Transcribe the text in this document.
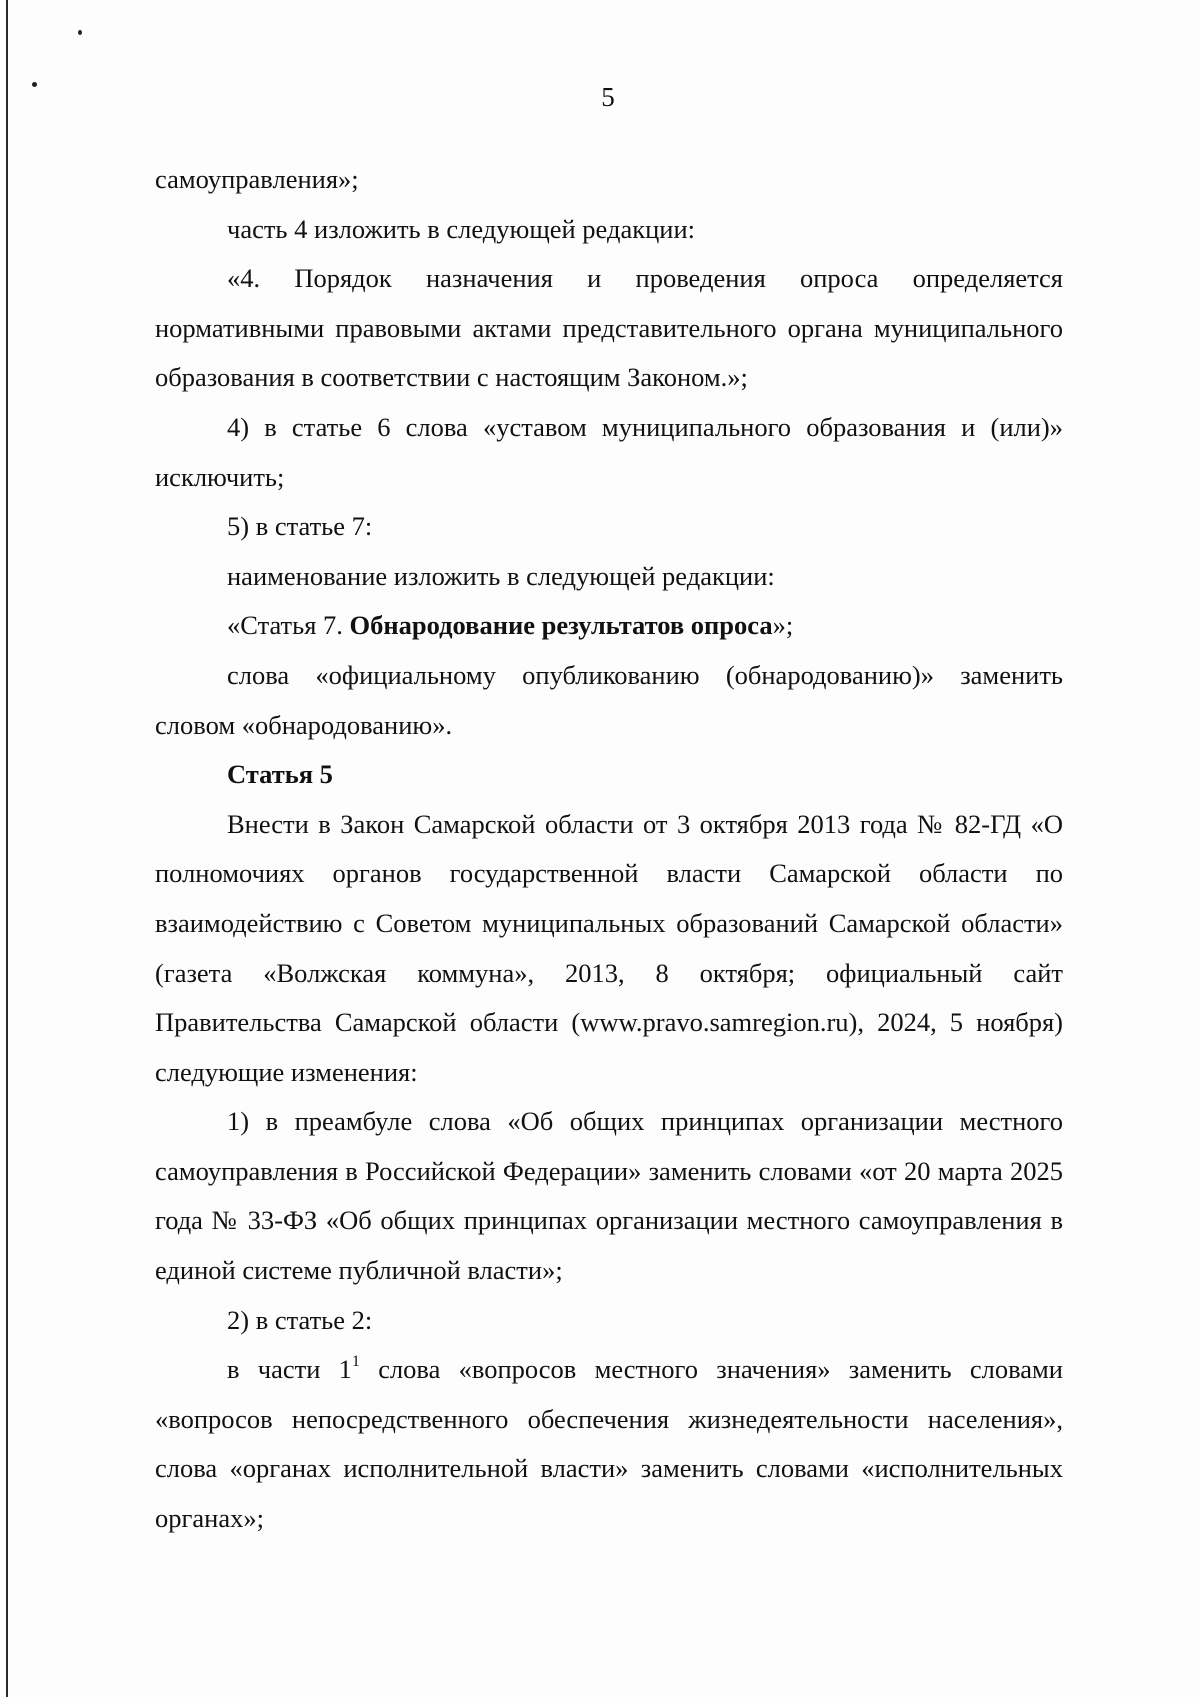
5

самоуправления»;

часть 4 изложить в следующей редакции:

«4. Порядок назначения и проведения опроса определяется нормативными правовыми актами представительного органа муниципального образования в соответствии с настоящим Законом.»;

4) в статье 6 слова «уставом муниципального образования и (или)» исключить;

5) в статье 7:

наименование изложить в следующей редакции:

«Статья 7. Обнародование результатов опроса»;

слова «официальному опубликованию (обнародованию)» заменить словом «обнародованию».

Статья 5

Внести в Закон Самарской области от 3 октября 2013 года № 82-ГД «О полномочиях органов государственной власти Самарской области по взаимодействию с Советом муниципальных образований Самарской области» (газета «Волжская коммуна», 2013, 8 октября; официальный сайт Правительства Самарской области (www.pravo.samregion.ru), 2024, 5 ноября) следующие изменения:

1) в преамбуле слова «Об общих принципах организации местного самоуправления в Российской Федерации» заменить словами «от 20 марта 2025 года № 33-ФЗ «Об общих принципах организации местного самоуправления в единой системе публичной власти»;

2) в статье 2:

в части $1^1$ слова «вопросов местного значения» заменить словами «вопросов непосредственного обеспечения жизнедеятельности населения», слова «органах исполнительной власти» заменить словами «исполнительных органах»;
